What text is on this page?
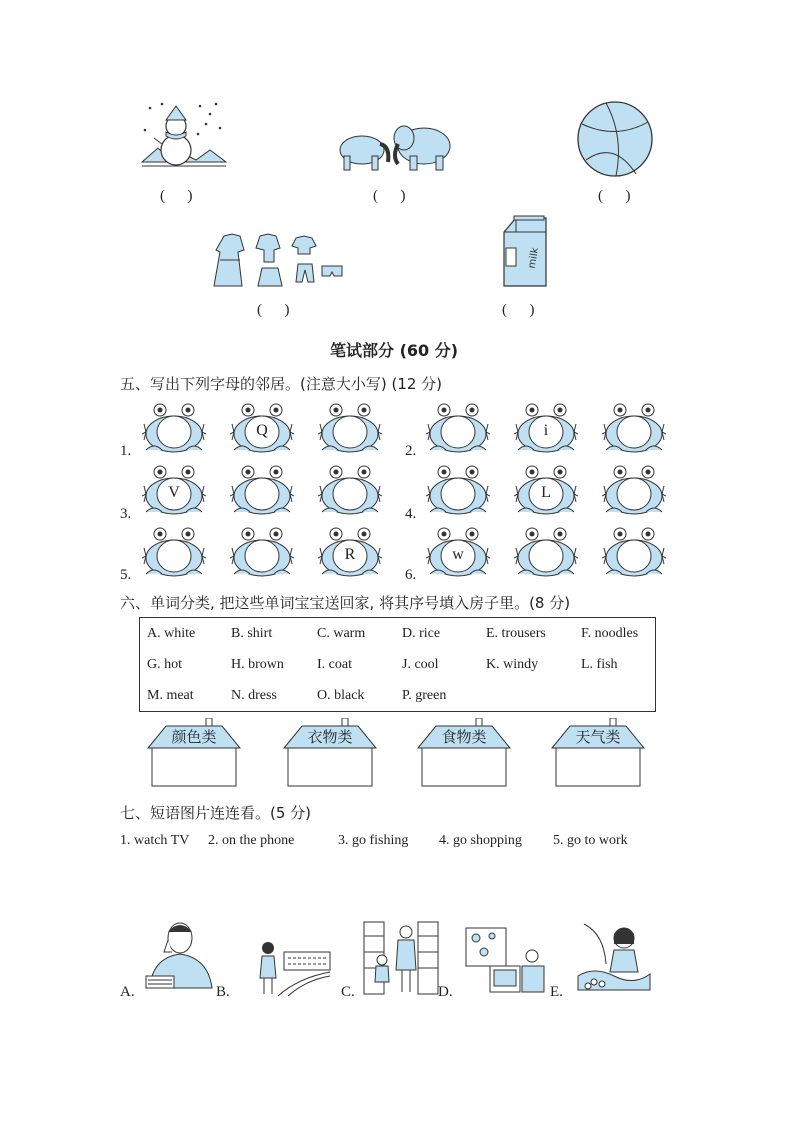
(      )	(      )	(      )
(      )
milk
(      )
笔试部分 (60 分)
五、写出下列字母的邻居。(注意大小写) (12 分)
1.	2.
Q	i
3.	4.
V	L
5.	6.
R	w
六、单词分类, 把这些单词宝宝送回家, 将其序号填入房子里。(8 分)
A. white	B. shirt	C. warm	D. rice	E. trousers	F. noodles
G. hot	H. brown I. coat	J. cool	K. windy	L. fish
M. meat	N. dress	O. black	P. green
颜色类	衣物类	食物类	天气类
七、短语图片连连看。(5 分)
1. watch TV 2. on the phone	3. go fishing 4. go shopping 5. go to work
A.	B.	C.	D.	E.
